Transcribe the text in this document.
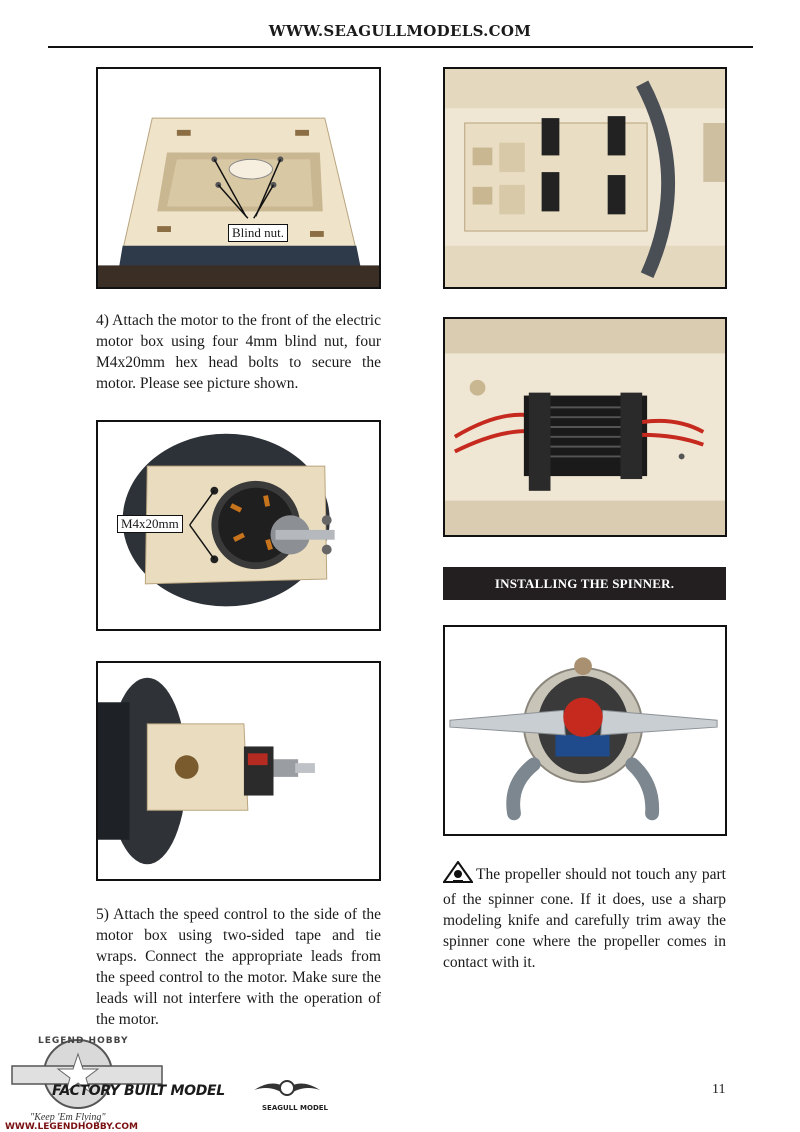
WWW.SEAGULLMODELS.COM
Blind nut.
4) Attach the motor to the front of the electric motor box using four 4mm blind nut, four M4x20mm hex head bolts to secure the motor. Please see picture shown.
M4x20mm
5) Attach the speed control to the side of the motor box using two-sided tape and tie wraps. Connect the appropriate leads from the speed control to the motor. Make sure the leads will not interfere with the operation of the motor.
INSTALLING THE SPINNER.
The propeller should not touch any part of the spinner cone. If it does, use a sharp modeling knife and carefully trim away the spinner cone where the propeller comes in contact with it.
LEGEND HOBBY
FACTORY BUILT MODEL
"Keep 'Em Flying"
WWW.LEGENDHOBBY.COM
SEAGULL MODEL
11
